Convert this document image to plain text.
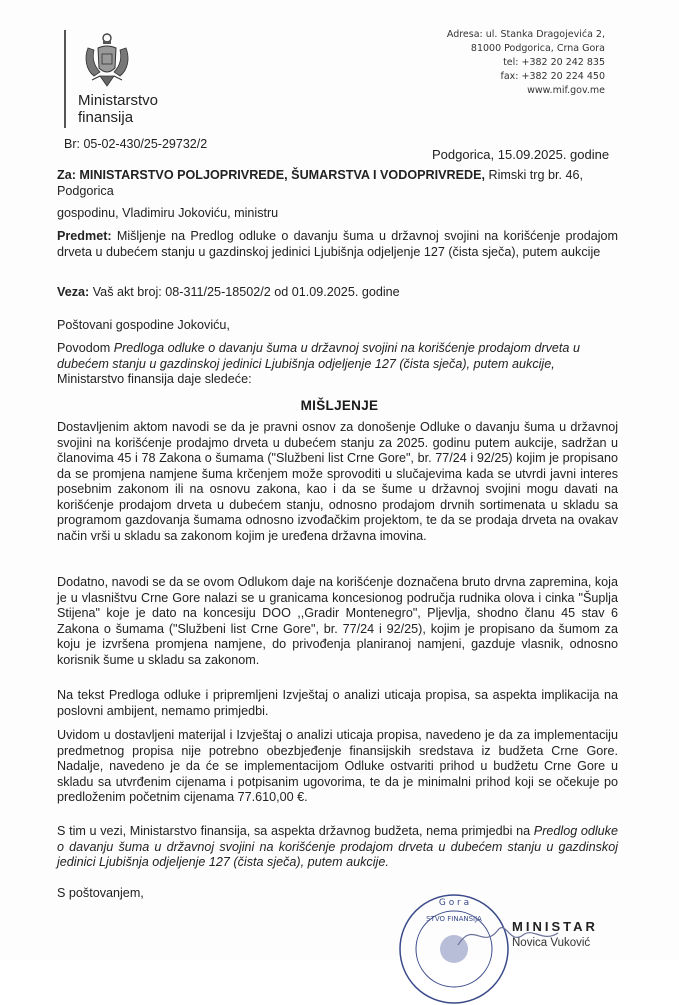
Ministarstvo
finansija
Br: 05-02-430/25-29732/2
Adresa: ul. Stanka Dragojevića 2,
81000 Podgorica, Crna Gora
tel: +382 20 242 835
fax: +382 20 224 450
www.mif.gov.me
Podgorica, 15.09.2025. godine
Za: MINISTARSTVO POLJOPRIVREDE, ŠUMARSTVA I VODOPRIVREDE, Rimski trg br. 46, Podgorica
gospodinu, Vladimiru Jokoviću, ministru
Predmet: Mišljenje na Predlog odluke o davanju šuma u državnoj svojini na korišćenje prodajom drveta u dubećem stanju u gazdinskoj jedinici Ljubišnja odjeljenje 127 (čista sječa), putem aukcije
Veza: Vaš akt broj: 08-311/25-18502/2 od 01.09.2025. godine
Poštovani gospodine Jokoviću,
Povodom Predloga odluke o davanju šuma u državnoj svojini na korišćenje prodajom drveta u dubećem stanju u gazdinskoj jedinici Ljubišnja odjeljenje 127 (čista sječa), putem aukcije, Ministarstvo finansija daje sledeće:
MIŠLJENJE
Dostavljenim aktom navodi se da je pravni osnov za donošenje Odluke o davanju šuma u državnoj svojini na korišćenje prodajmo drveta u dubećem stanju za 2025. godinu putem aukcije, sadržan u članovima 45 i 78 Zakona o šumama ("Službeni list Crne Gore", br. 77/24 i 92/25) kojim je propisano da se promjena namjene šuma krčenjem može sprovoditi u slučajevima kada se utvrdi javni interes posebnim zakonom ili na osnovu zakona, kao i da se šume u državnoj svojini mogu davati na korišćenje prodajom drveta u dubećem stanju, odnosno prodajom drvnih sortimenata u skladu sa programom gazdovanja šumama odnosno izvođačkim projektom, te da se prodaja drveta na ovakav način vrši u skladu sa zakonom kojim je uređena državna imovina.
Dodatno, navodi se da se ovom Odlukom daje na korišćenje doznačena bruto drvna zapremina, koja je u vlasništvu Crne Gore nalazi se u granicama koncesionog područja rudnika olova i cinka "Šuplja Stijena" koje je dato na koncesiju DOO ,,Gradir Montenegro", Pljevlja, shodno članu 45 stav 6 Zakona o šumama ("Službeni list Crne Gore", br. 77/24 i 92/25), kojim je propisano da šumom za koju je izvršena promjena namjene, do privođenja planiranoj namjeni, gazduje vlasnik, odnosno korisnik šume u skladu sa zakonom.
Na tekst Predloga odluke i pripremljeni Izvještaj o analizi uticaja propisa, sa aspekta implikacija na poslovni ambijent, nemamo primjedbi.
Uvidom u dostavljeni materijal i Izvještaj o analizi uticaja propisa, navedeno je da za implementaciju predmetnog propisa nije potrebno obezbjeđenje finansijskih sredstava iz budžeta Crne Gore. Nadalje, navedeno je da će se implementacijom Odluke ostvariti prihod u budžetu Crne Gore u skladu sa utvrđenim cijenama i potpisanim ugovorima, te da je minimalni prihod koji se očekuje po predloženim početnim cijenama 77.610,00 €.
S tim u vezi, Ministarstvo finansija, sa aspekta državnog budžeta, nema primjedbi na Predlog odluke o davanju šuma u državnoj svojini na korišćenje prodajom drveta u dubećem stanju u gazdinskoj jedinici Ljubišnja odjeljenje 127 (čista sječa), putem aukcije.
S poštovanjem,
G o r a
STVO FINANSIJA MINISTAR
Novica Vuković
